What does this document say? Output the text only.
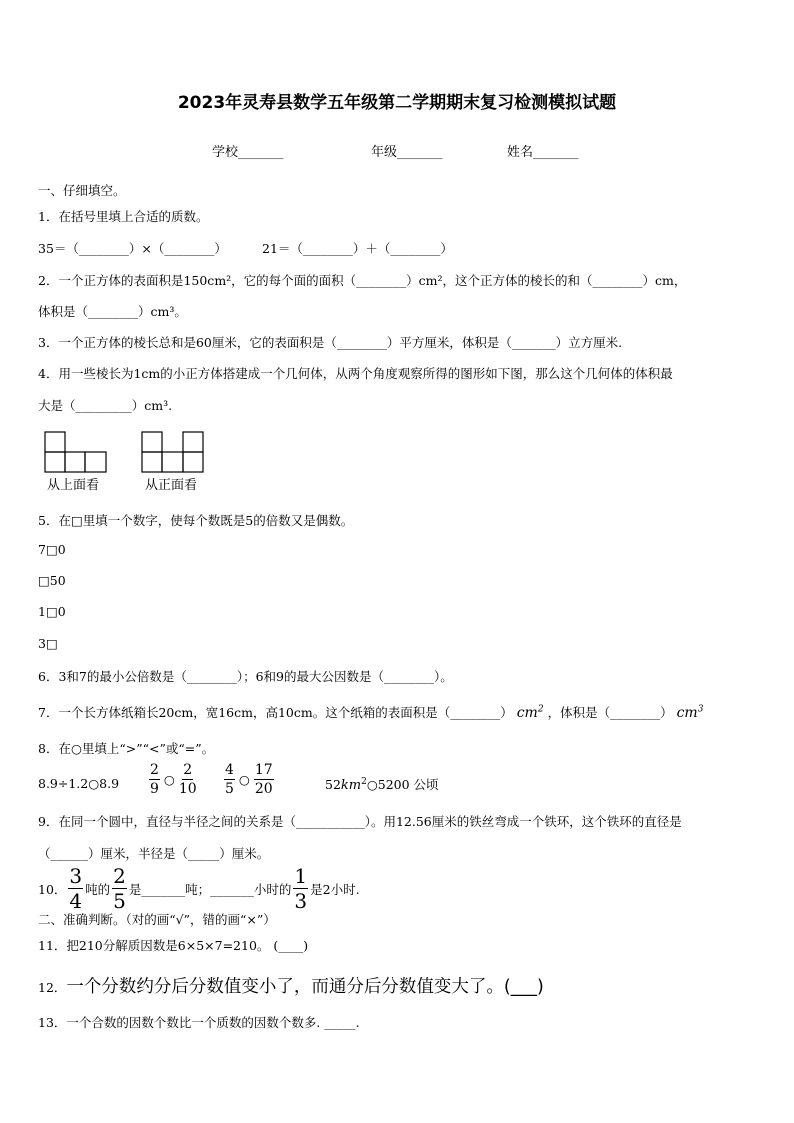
2023年灵寿县数学五年级第二学期期末复习检测模拟试题
学校_______	年级_______	姓名_______
一、仔细填空。
1．在括号里填上合适的质数。
35＝（________）×（________）	21＝（________）＋（________）
2．一个正方体的表面积是150cm²，它的每个面的面积（________）cm²，这个正方体的棱长的和（________）cm，
体积是（________）cm³。
3．一个正方体的棱长总和是60厘米，它的表面积是（________）平方厘米，体积是（_______）立方厘米.
4．用一些棱长为1cm的小正方体搭建成一个几何体，从两个角度观察所得的图形如下图，那么这个几何体的体积最
大是（_________）cm³.
从上面看	从正面看
5．在□里填一个数字，使每个数既是5的倍数又是偶数。
7□0
□50
1□0
3□
6．3和7的最小公倍数是（________）；6和9的最大公因数是（________）。
7．一个长方体纸箱长20cm，宽16cm，高10cm。这个纸箱的表面积是（________） $cm^2$ ，体积是（________） $cm^3$
8．在○里填上“>”“<”或“=”。
8.9÷1.2○8.9 $\frac{2}{9}$ ○ $\frac{2}{10} \frac{4}{5}$ ○ $\frac{17}{20}$	$52km^2○5200$ 公顷
9．在同一个圆中，直径与半径之间的关系是（___________）。用12.56厘米的铁丝弯成一个铁环，这个铁环的直径是
（______）厘米，半径是（_____）厘米。
10． $\frac{3}{4}$ 吨的 $\frac{2}{5}$ 是_______吨；_______小时的 $\frac{1}{3}$ 是2小时.
二、准确判断。（对的画“√”，错的画“×”）
11．把210分解质因数是6×5×7=210。 (____)
12． 一个分数约分后分数值变小了，而通分后分数值变大了。(___)
13．一个合数的因数个数比一个质数的因数个数多. _____.
